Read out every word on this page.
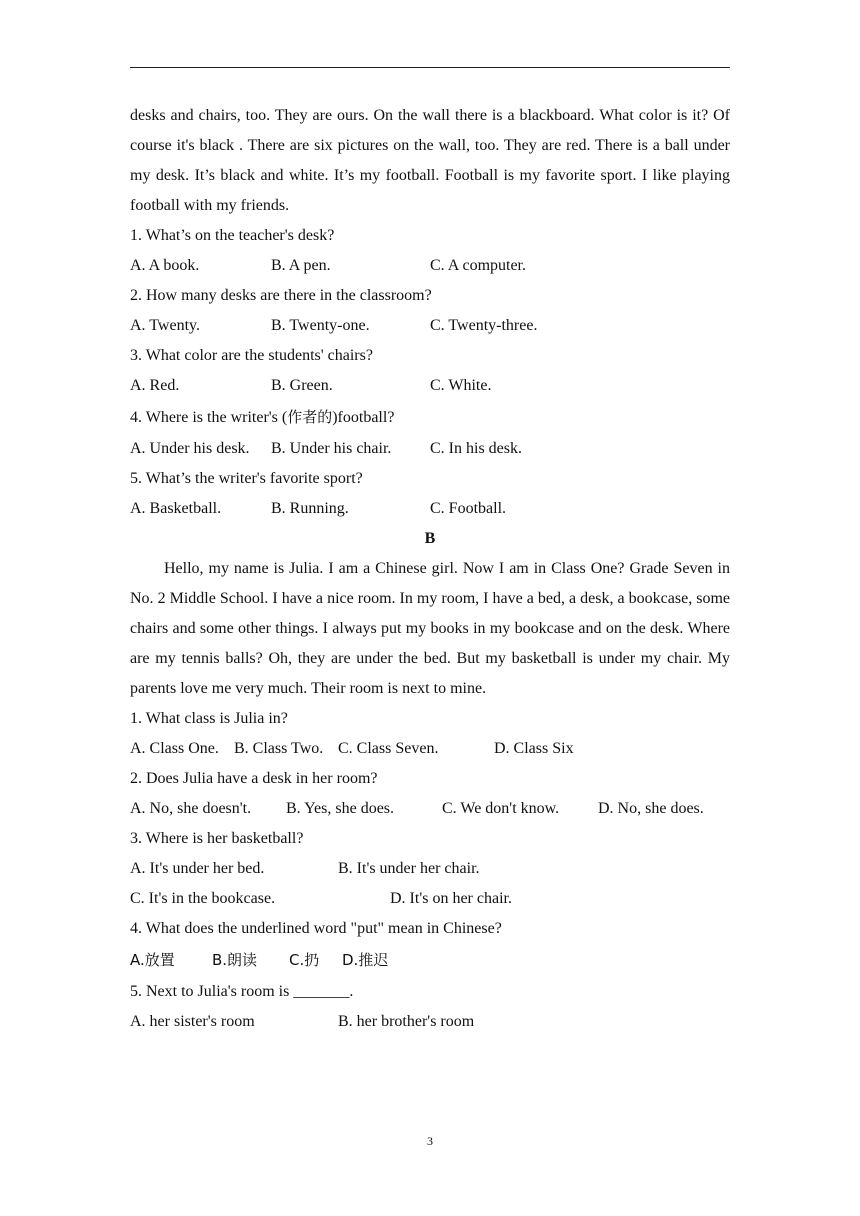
desks and chairs, too. They are ours. On the wall there is a blackboard. What color is it? Of course it's black . There are six pictures on the wall, too. They are red. There is a ball under my desk. It’s black and white. It’s my football. Football is my favorite sport. I like playing football with my friends.
1. What’s on the teacher's desk?
A. A book.	B. A pen.	C. A computer.
2. How many desks are there in the classroom?
A. Twenty.	B. Twenty-one.	C. Twenty-three.
3. What color are the students' chairs?
A. Red.	B. Green.	C. White.
4. Where is the writer's (作者的)football?
A. Under his desk. B. Under his chair. C. In his desk.
5. What’s the writer's favorite sport?
A. Basketball.	B. Running.	C. Football.
B
Hello, my name is Julia. I am a Chinese girl. Now I am in Class One? Grade Seven in No. 2 Middle School. I have a nice room. In my room, I have a bed, a desk, a bookcase, some chairs and some other things. I always put my books in my bookcase and on the desk. Where are my tennis balls? Oh, they are under the bed. But my basketball is under my chair. My parents love me very much. Their room is next to mine.
1. What class is Julia in?
A. Class One. B. Class Two. C. Class Seven.	D. Class Six
2. Does Julia have a desk in her room?
A. No, she doesn't. B. Yes, she does.	C. We don't know. D. No, she does.
3. Where is her basketball?
A. It's under her bed.	B. It's under her chair.
C. It's in the bookcase.	D. It's on her chair.
4. What does the underlined word "put" mean in Chinese?
A.放置 B.朗读 C.扔 D.推迟
5. Next to Julia's room is _______.
A. her sister's room	B. her brother's room
3
